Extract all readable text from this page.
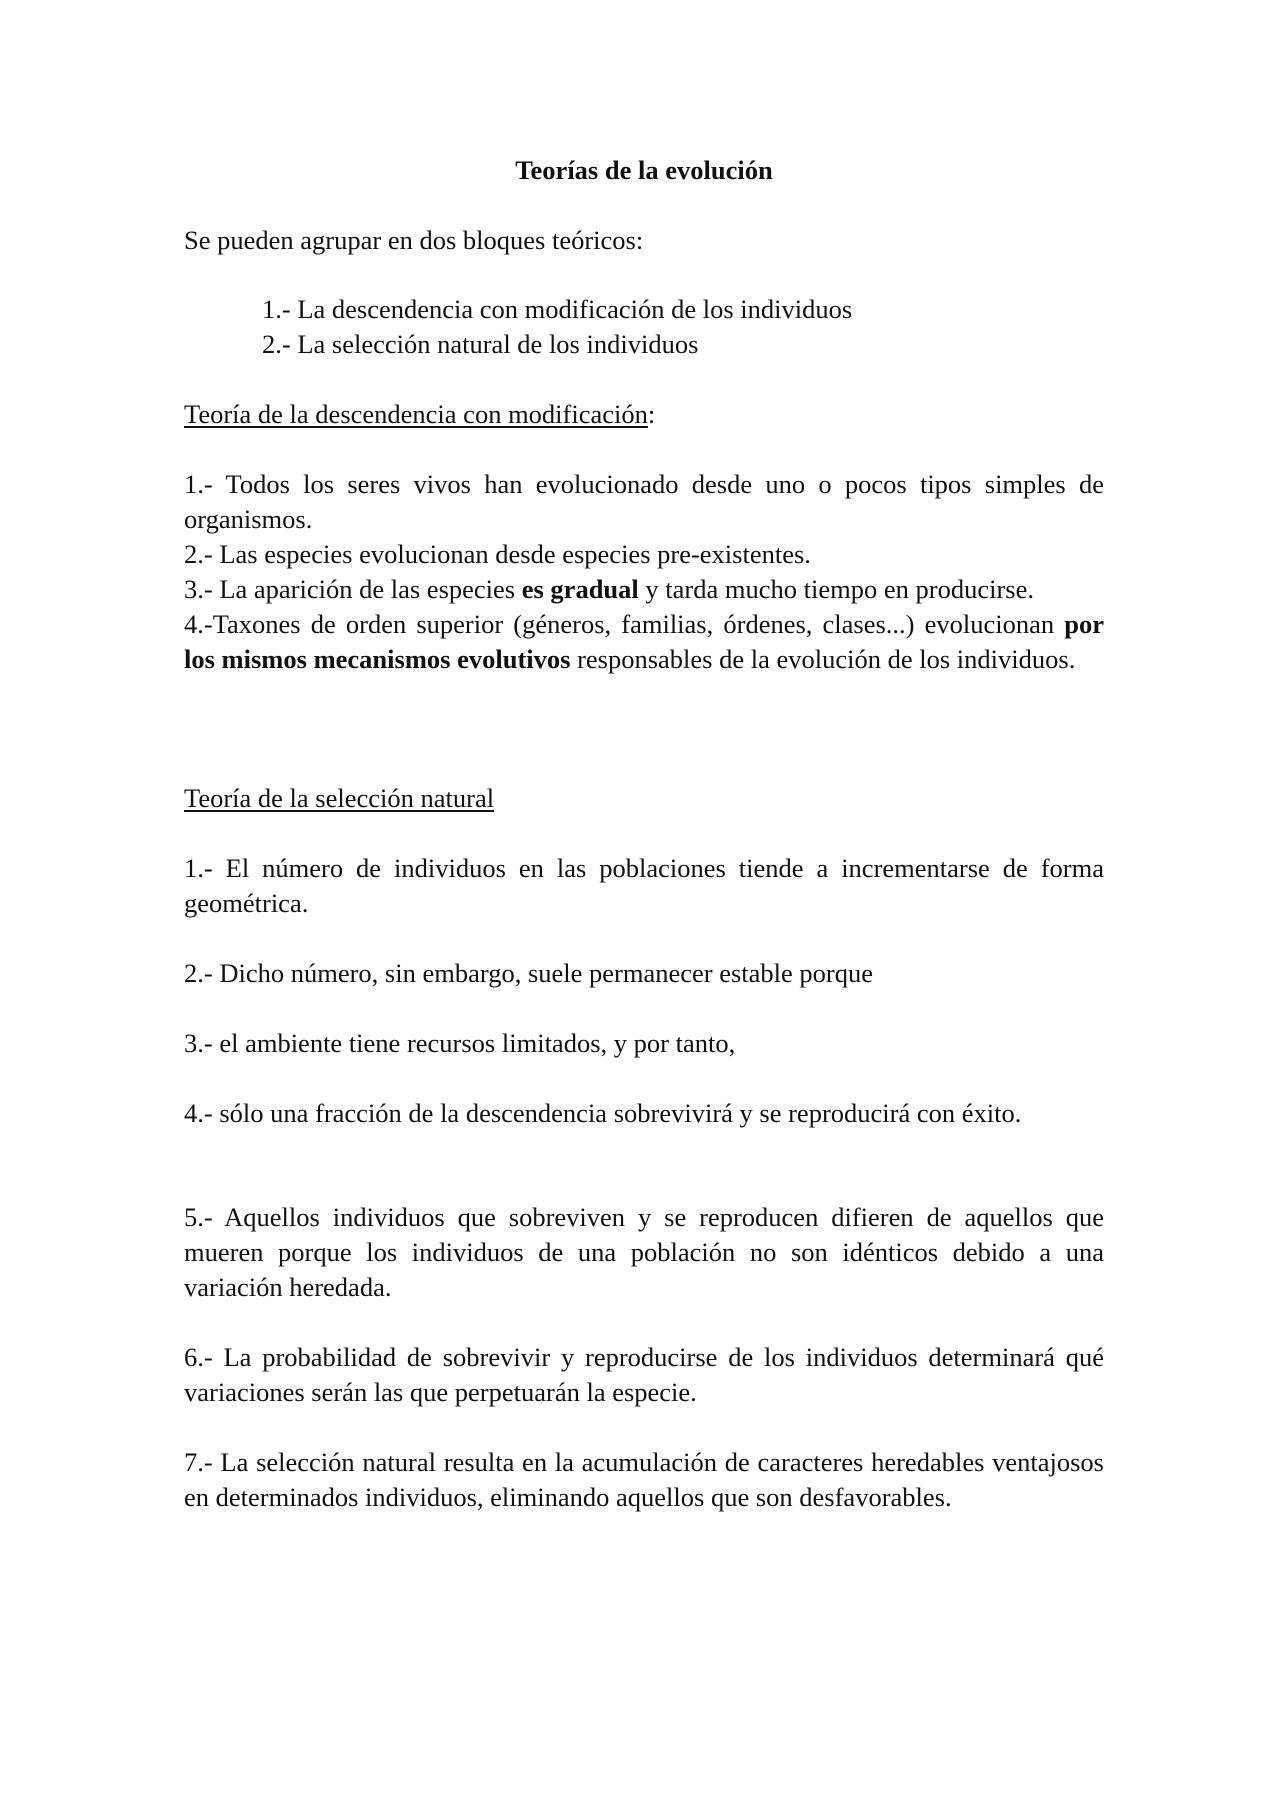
Teorías de la evolución

Se pueden agrupar en dos bloques teóricos:

1.- La descendencia con modificación de los individuos

2.- La selección natural de los individuos

Teoría de la descendencia con modificación:

1.- Todos los seres vivos han evolucionado desde uno o pocos tipos simples de organismos.

2.- Las especies evolucionan desde especies pre-existentes.

3.- La aparición de las especies es gradual y tarda mucho tiempo en producirse.

4.-Taxones de orden superior (géneros, familias, órdenes, clases...) evolucionan por los mismos mecanismos evolutivos responsables de la evolución de los individuos.

Teoría de la selección natural

1.- El número de individuos en las poblaciones tiende a incrementarse de forma geométrica.

2.- Dicho número, sin embargo, suele permanecer estable porque

3.- el ambiente tiene recursos limitados, y por tanto,

4.- sólo una fracción de la descendencia sobrevivirá y se reproducirá con éxito.

5.- Aquellos individuos que sobreviven y se reproducen difieren de aquellos que mueren porque los individuos de una población no son idénticos debido a una variación heredada.

6.- La probabilidad de sobrevivir y reproducirse de los individuos determinará qué variaciones serán las que perpetuarán la especie.

7.- La selección natural resulta en la acumulación de caracteres heredables ventajosos en determinados individuos, eliminando aquellos que son desfavorables.
